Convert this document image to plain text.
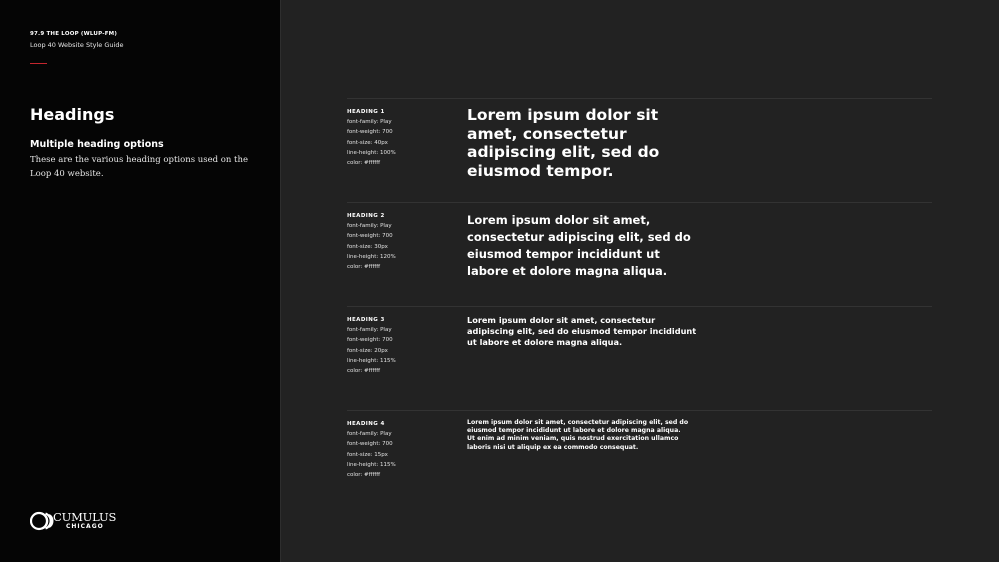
97.9 THE LOOP (WLUP-FM)
Loop 40 Website Style Guide
Headings
Multiple heading options

These are the various heading options used on the Loop 40 website.

CUMULUS
CHICAGO
HEADING 1
font-family: Play
font-weight: 700
font-size: 40px
line-height: 100%
color: #ffffff
Lorem ipsum dolor sit amet, consectetur adipiscing elit, sed do eiusmod tempor.
HEADING 2
font-family: Play
font-weight: 700
font-size: 30px
line-height: 120%
color: #ffffff
Lorem ipsum dolor sit amet, consectetur adipiscing elit, sed do eiusmod tempor incididunt ut labore et dolore magna aliqua.
HEADING 3
font-family: Play
font-weight: 700
font-size: 20px
line-height: 115%
color: #ffffff
Lorem ipsum dolor sit amet, consectetur adipiscing elit, sed do eiusmod tempor incididunt ut labore et dolore magna aliqua.
HEADING 4
font-family: Play
font-weight: 700
font-size: 15px
line-height: 115%
color: #ffffff
Lorem ipsum dolor sit amet, consectetur adipiscing elit, sed do eiusmod tempor incididunt ut labore et dolore magna aliqua. Ut enim ad minim veniam, quis nostrud exercitation ullamco laboris nisi ut aliquip ex ea commodo consequat.
